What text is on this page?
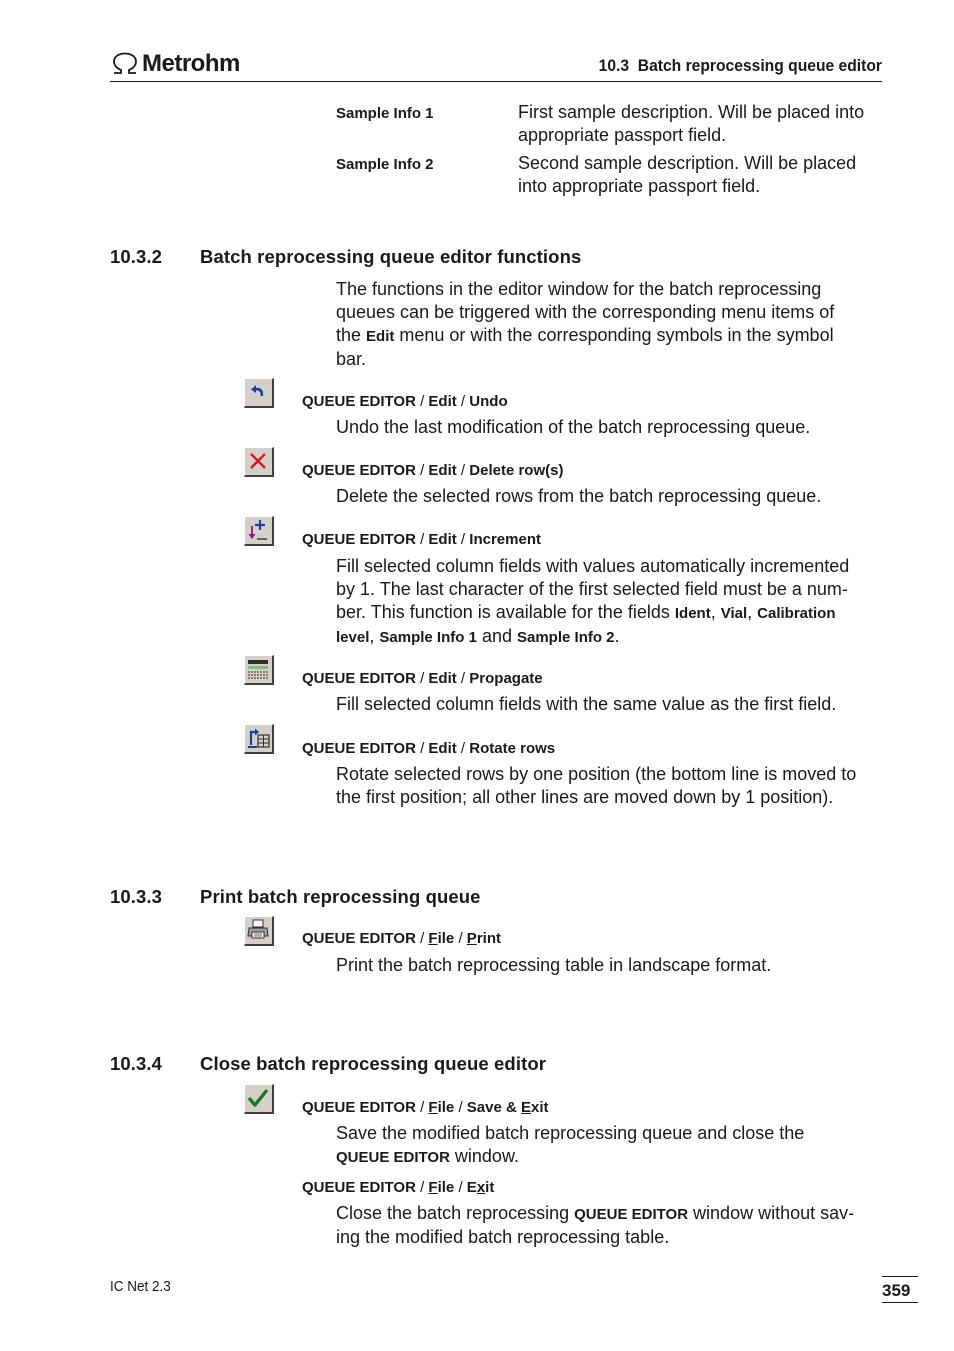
Metrohm	10.3  Batch reprocessing queue editor
Sample Info 1	First sample description. Will be placed into
appropriate passport field.
Sample Info 2	Second sample description. Will be placed
into appropriate passport field.
10.3.2 Batch reprocessing queue editor functions
The functions in the editor window for the batch reprocessing
queues can be triggered with the corresponding menu items of
the Edit menu or with the corresponding symbols in the symbol
bar.
QUEUE EDITOR / Edit / Undo
Undo the last modification of the batch reprocessing queue.
QUEUE EDITOR / Edit / Delete row(s)
Delete the selected rows from the batch reprocessing queue.
QUEUE EDITOR / Edit / Increment
Fill selected column fields with values automatically incremented
by 1. The last character of the first selected field must be a num-
ber. This function is available for the fields Ident, Vial, Calibration
level, Sample Info 1 and Sample Info 2.
QUEUE EDITOR / Edit / Propagate
Fill selected column fields with the same value as the first field.
QUEUE EDITOR / Edit / Rotate rows
Rotate selected rows by one position (the bottom line is moved to
the first position; all other lines are moved down by 1 position).
10.3.3 Print batch reprocessing queue
QUEUE EDITOR / File / Print
Print the batch reprocessing table in landscape format.
10.3.4 Close batch reprocessing queue editor
QUEUE EDITOR / File / Save & Exit
Save the modified batch reprocessing queue and close the
QUEUE EDITOR window.
QUEUE EDITOR / File / Exit
Close the batch reprocessing QUEUE EDITOR window without sav-
ing the modified batch reprocessing table.
IC Net 2.3	359
